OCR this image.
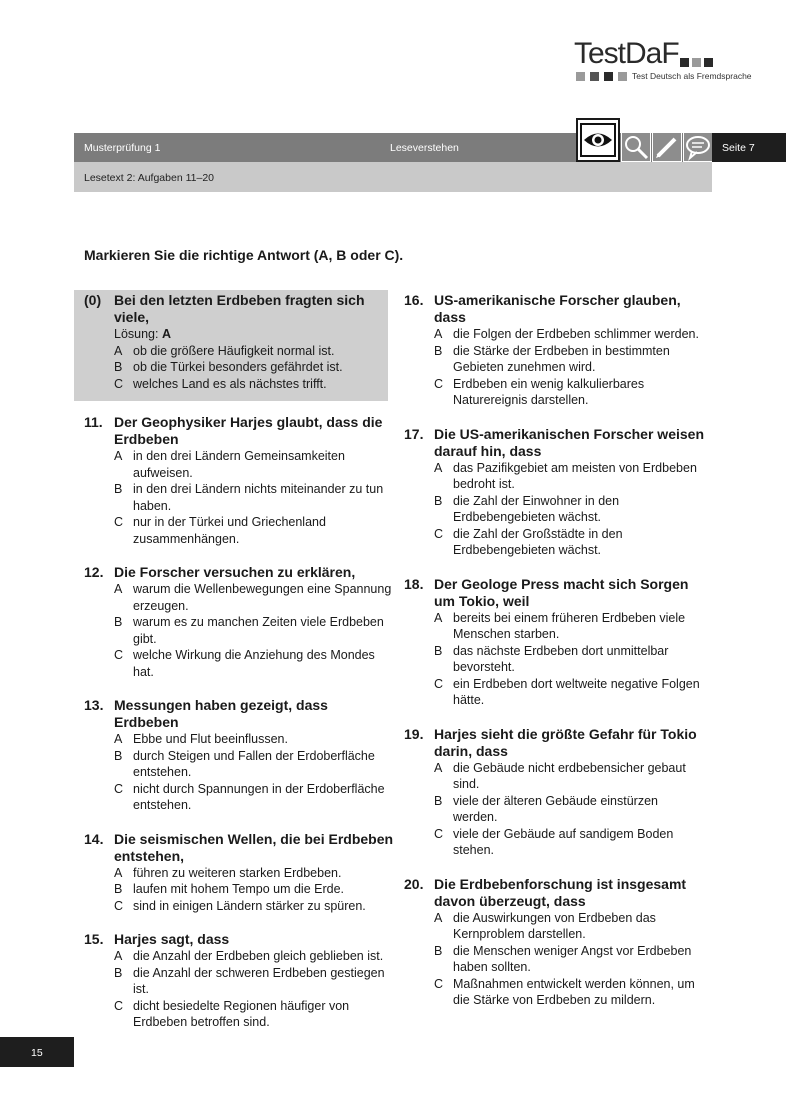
TestDaF
Test Deutsch als Fremdsprache
Musterprüfung 1	Leseverstehen	Seite 7
Lesetext 2: Aufgaben 11–20
Markieren Sie die richtige Antwort (A, B oder C).
(0) Bei den letzten Erdbeben fragten sich viele,
Lösung: A
A ob die größere Häufigkeit normal ist.
B ob die Türkei besonders gefährdet ist.
C welches Land es als nächstes trifft.
11. Der Geophysiker Harjes glaubt, dass die Erdbeben
A in den drei Ländern Gemeinsamkeiten aufweisen.
B in den drei Ländern nichts miteinander zu tun haben.
C nur in der Türkei und Griechenland zusammenhängen.
12. Die Forscher versuchen zu erklären,
A warum die Wellenbewegungen eine Spannung erzeugen.
B warum es zu manchen Zeiten viele Erdbeben gibt.
C welche Wirkung die Anziehung des Mondes hat.
13. Messungen haben gezeigt, dass Erdbeben
A Ebbe und Flut beeinflussen.
B durch Steigen und Fallen der Erdoberfläche entstehen.
C nicht durch Spannungen in der Erdoberfläche entstehen.
14. Die seismischen Wellen, die bei Erdbeben entstehen,
A führen zu weiteren starken Erdbeben.
B laufen mit hohem Tempo um die Erde.
C sind in einigen Ländern stärker zu spüren.
15. Harjes sagt, dass
A die Anzahl der Erdbeben gleich geblieben ist.
B die Anzahl der schweren Erdbeben gestiegen ist.
C dicht besiedelte Regionen häufiger von Erdbeben betroffen sind.
16. US-amerikanische Forscher glauben, dass
A die Folgen der Erdbeben schlimmer werden.
B die Stärke der Erdbeben in bestimmten Gebieten zunehmen wird.
C Erdbeben ein wenig kalkulierbares Naturereignis darstellen.
17. Die US-amerikanischen Forscher weisen darauf hin, dass
A das Pazifikgebiet am meisten von Erdbeben bedroht ist.
B die Zahl der Einwohner in den Erdbebengebieten wächst.
C die Zahl der Großstädte in den Erdbebengebieten wächst.
18. Der Geologe Press macht sich Sorgen um Tokio, weil
A bereits bei einem früheren Erdbeben viele Menschen starben.
B das nächste Erdbeben dort unmittelbar bevorsteht.
C ein Erdbeben dort weltweite negative Folgen hätte.
19. Harjes sieht die größte Gefahr für Tokio darin, dass
A die Gebäude nicht erdbebensicher gebaut sind.
B viele der älteren Gebäude einstürzen werden.
C viele der Gebäude auf sandigem Boden stehen.
20. Die Erdbebenforschung ist insgesamt davon überzeugt, dass
A die Auswirkungen von Erdbeben das Kernproblem darstellen.
B die Menschen weniger Angst vor Erdbeben haben sollten.
C Maßnahmen entwickelt werden können, um die Stärke von Erdbeben zu mildern.
15
